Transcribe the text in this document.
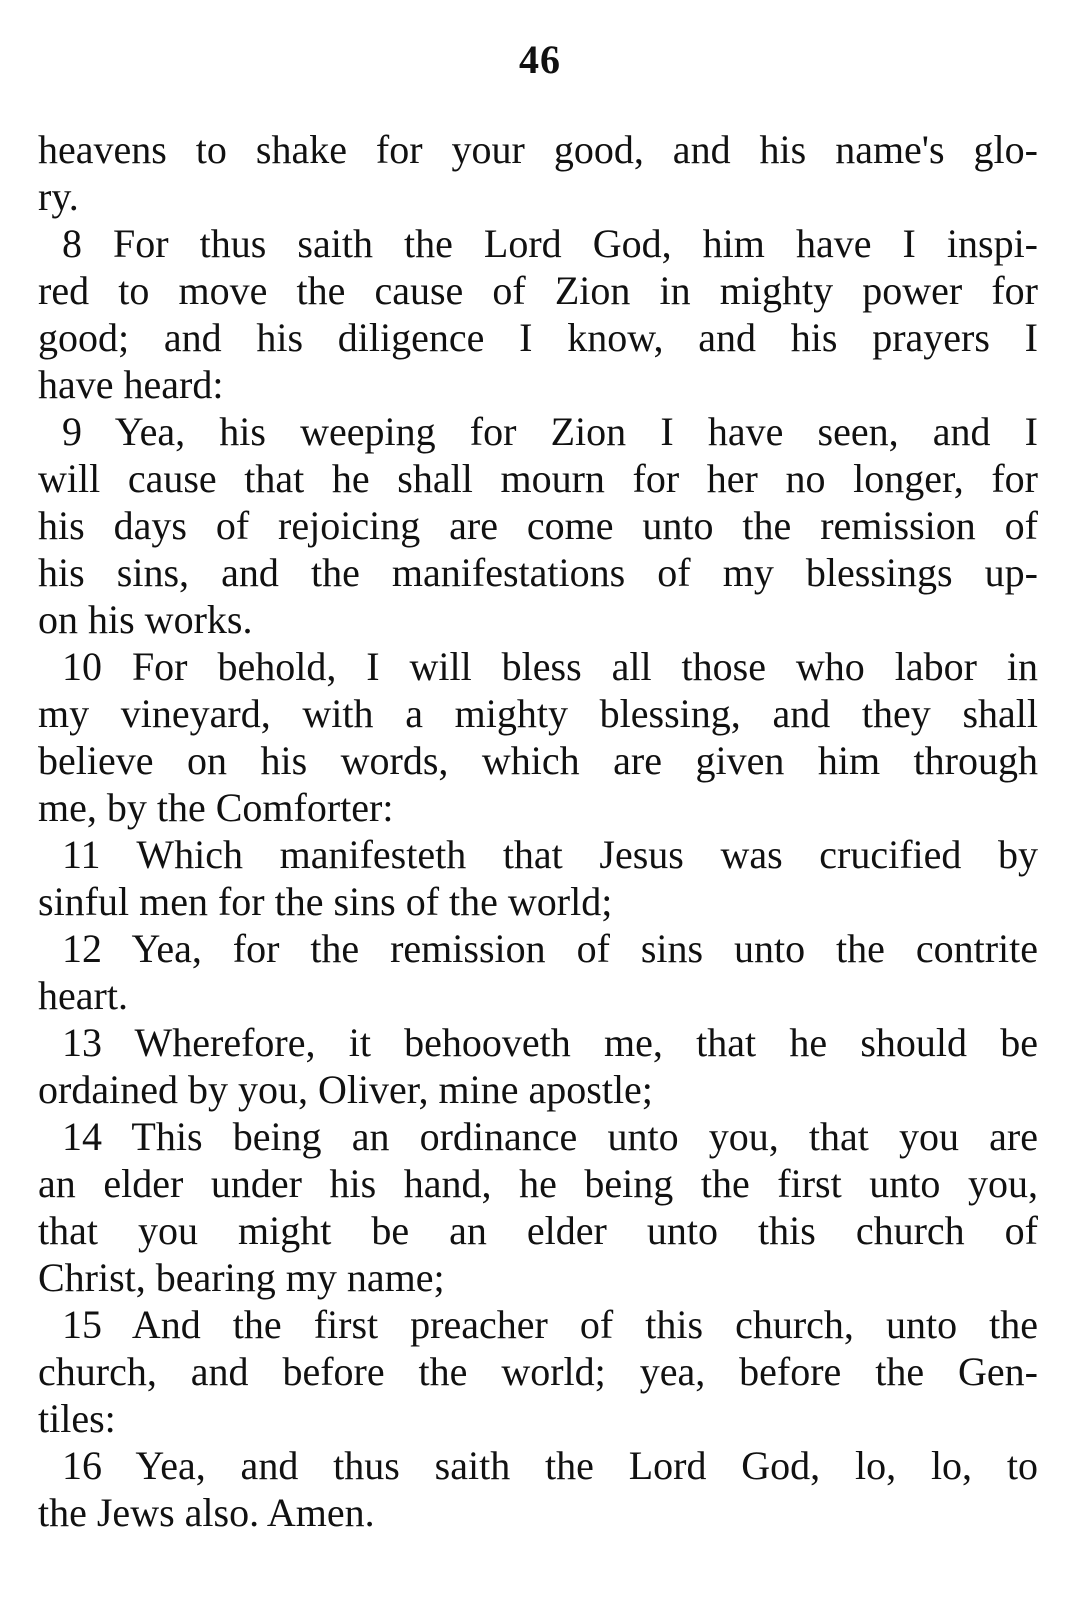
46
heavens to shake for your good, and his name's glo-
ry.
8 For thus saith the Lord God, him have I inspi-
red to move the cause of Zion in mighty power for
good; and his diligence I know, and his prayers I
have heard:
9 Yea, his weeping for Zion I have seen, and I
will cause that he shall mourn for her no longer, for
his days of rejoicing are come unto the remission of
his sins, and the manifestations of my blessings up-
on his works.
10 For behold, I will bless all those who labor in
my vineyard, with a mighty blessing, and they shall
believe on his words, which are given him through
me, by the Comforter:
11 Which manifesteth that Jesus was crucified by
sinful men for the sins of the world;
12 Yea, for the remission of sins unto the contrite
heart.
13 Wherefore, it behooveth me, that he should be
ordained by you, Oliver, mine apostle;
14 This being an ordinance unto you, that you are
an elder under his hand, he being the first unto you,
that you might be an elder unto this church of
Christ, bearing my name;
15 And the first preacher of this church, unto the
church, and before the world; yea, before the Gen-
tiles:
16 Yea, and thus saith the Lord God, lo, lo, to
the Jews also. Amen.
